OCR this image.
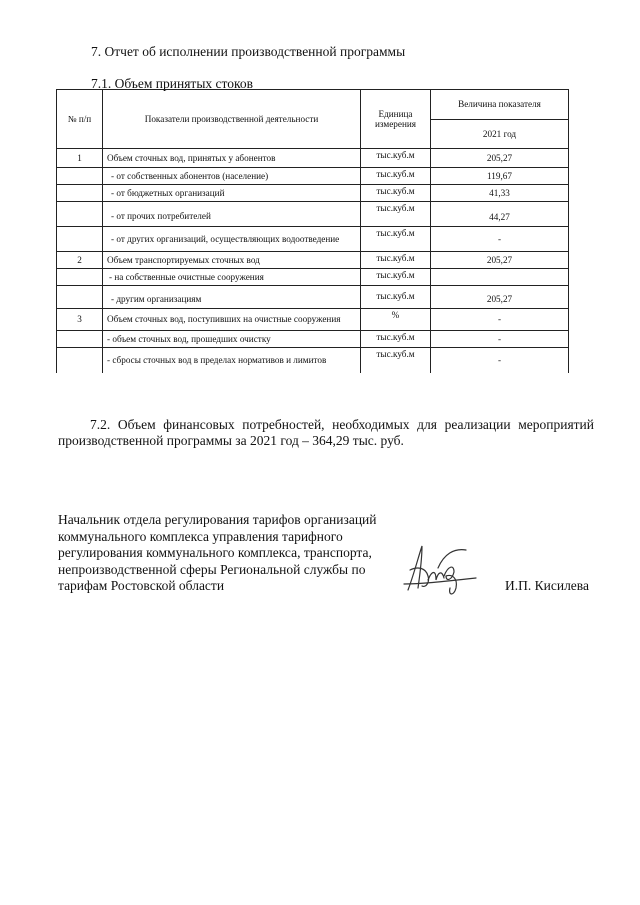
7. Отчет об исполнении производственной программы
7.1. Объем принятых стоков
№ п/п	Показатели производственной деятельности	Единица измерения	Величина показателя
			2021 год
1	Объем сточных вод, принятых у абонентов	тыс.куб.м	205,27
	- от собственных абонентов (население)	тыс.куб.м	119,67
	- от бюджетных организаций	тыс.куб.м	41,33
	- от прочих потребителей	тыс.куб.м	44,27
	- от других организаций, осуществляющих водоотведение	тыс.куб.м	-
2	Объем транспортируемых сточных вод	тыс.куб.м	205,27
	- на собственные очистные сооружения	тыс.куб.м	
	- другим организациям	тыс.куб.м	205,27
3	Объем сточных вод, поступивших на очистные сооружения	%	-
	- объем сточных вод, прошедших очистку	тыс.куб.м	-
	- сбросы сточных вод в пределах нормативов и лимитов	тыс.куб.м	-
7.2. Объем финансовых потребностей, необходимых для реализации мероприятий производственной программы за 2021 год – 364,29 тыс. руб.
Начальник отдела регулирования тарифов организаций
коммунального комплекса управления тарифного
регулирования коммунального комплекса, транспорта,
непроизводственной сферы Региональной службы по
тарифам Ростовской области	И.П. Кисилева
